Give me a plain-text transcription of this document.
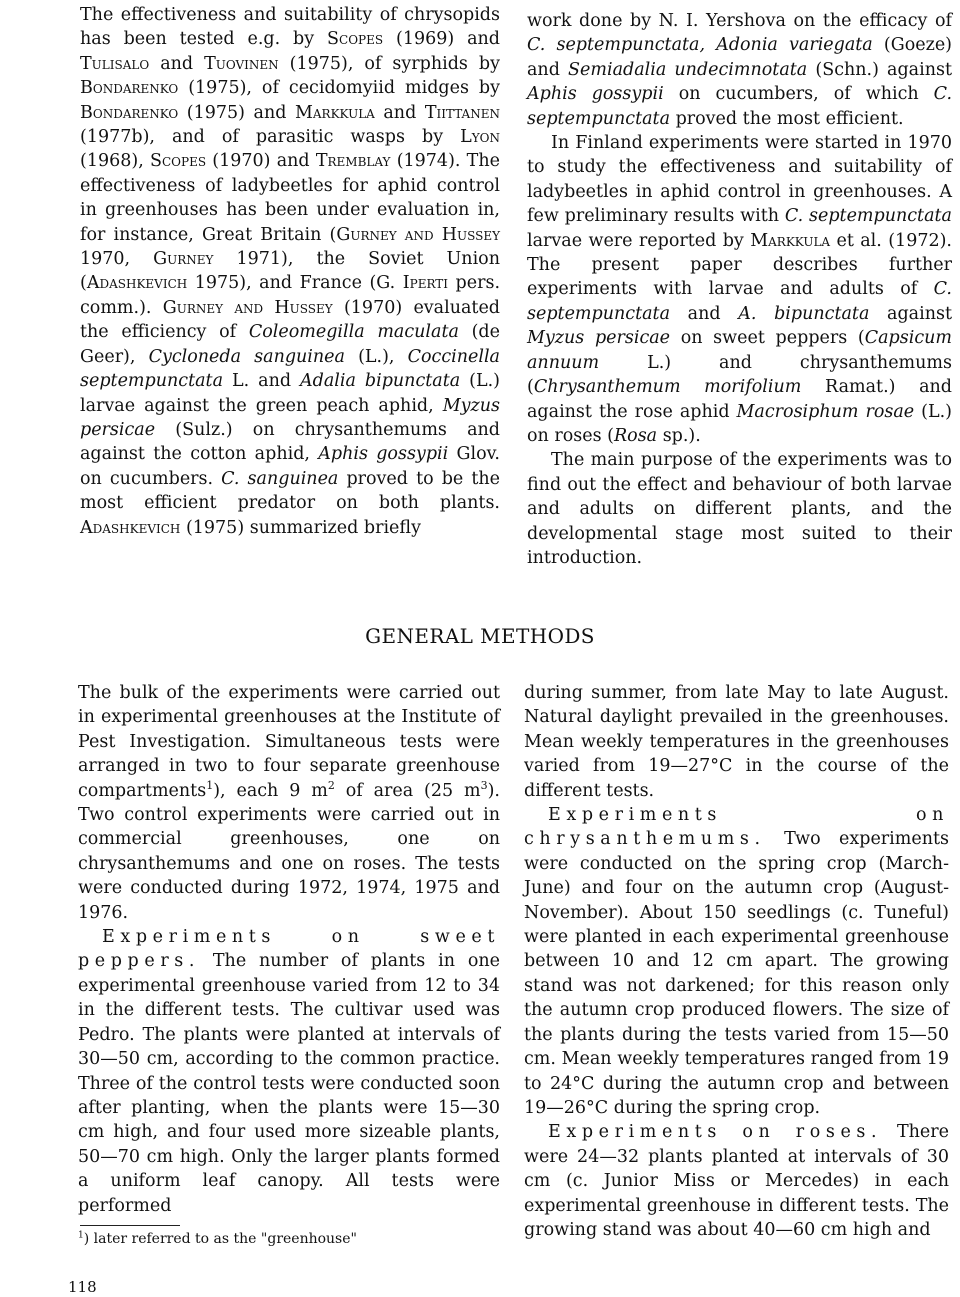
The effectiveness and suitability of chrysopids has been tested e.g. by Scopes (1969) and Tulisalo and Tuovinen (1975), of syrphids by Bondarenko (1975), of cecidomyiid midges by Bondarenko (1975) and Markkula and Tiittanen (1977b), and of parasitic wasps by Lyon (1968), Scopes (1970) and Tremblay (1974). The effectiveness of ladybeetles for aphid control in greenhouses has been under evaluation in, for instance, Great Britain (Gurney and Hussey 1970, Gurney 1971), the Soviet Union (Adashkevich 1975), and France (G. Iperti pers. comm.). Gurney and Hussey (1970) evaluated the efficiency of Coleomegilla maculata (de Geer), Cycloneda sanguinea (L.), Coccinella septempunctata L. and Adalia bipunctata (L.) larvae against the green peach aphid, Myzus persicae (Sulz.) on chrysanthemums and against the cotton aphid, Aphis gossypii Glov. on cucumbers. C. sanguinea proved to be the most efficient predator on both plants. Adashkevich (1975) summarized briefly

work done by N. I. Yershova on the efficacy of C. septempunctata, Adonia variegata (Goeze) and Semiadalia undecimnotata (Schn.) against Aphis gossypii on cucumbers, of which C. septempunctata proved the most efficient.

In Finland experiments were started in 1970 to study the effectiveness and suitability of ladybeetles in aphid control in greenhouses. A few preliminary results with C. septempunctata larvae were reported by Markkula et al. (1972). The present paper describes further experiments with larvae and adults of C. septempunctata and A. bipunctata against Myzus persicae on sweet peppers (Capsicum annuum L.) and chrysanthemums (Chrysanthemum morifolium Ramat.) and against the rose aphid Macrosiphum rosae (L.) on roses (Rosa sp.).

The main purpose of the experiments was to find out the effect and behaviour of both larvae and adults on different plants, and the developmental stage most suited to their introduction.

GENERAL METHODS

The bulk of the experiments were carried out in experimental greenhouses at the Institute of Pest Investigation. Simultaneous tests were arranged in two to four separate greenhouse compartments$^1$), each 9 $m^2$ of area (25 $m^3$). Two control experiments were carried out in commercial greenhouses, one on chrysanthemums and one on roses. The tests were conducted during 1972, 1974, 1975 and 1976.

Experiments on sweet peppers. The number of plants in one experimental greenhouse varied from 12 to 34 in the different tests. The cultivar used was Pedro. The plants were planted at intervals of 30—50 cm, according to the common practice. Three of the control tests were conducted soon after planting, when the plants were 15—30 cm high, and four used more sizeable plants, 50—70 cm high. Only the larger plants formed a uniform leaf canopy. All tests were performed

during summer, from late May to late August. Natural daylight prevailed in the greenhouses. Mean weekly temperatures in the greenhouses varied from 19—27°C in the course of the different tests.

Experiments on chrysanthemums. Two experiments were conducted on the spring crop (March-June) and four on the autumn crop (August-November). About 150 seedlings (c. Tuneful) were planted in each experimental greenhouse between 10 and 12 cm apart. The growing stand was not darkened; for this reason only the autumn crop produced flowers. The size of the plants during the tests varied from 15—50 cm. Mean weekly temperatures ranged from 19 to 24°C during the autumn crop and between 19—26°C during the spring crop.

Experiments on roses. There were 24—32 plants planted at intervals of 30 cm (c. Junior Miss or Mercedes) in each experimental greenhouse in different tests. The growing stand was about 40—60 cm high and

$^1$) later referred to as the "greenhouse"
118
